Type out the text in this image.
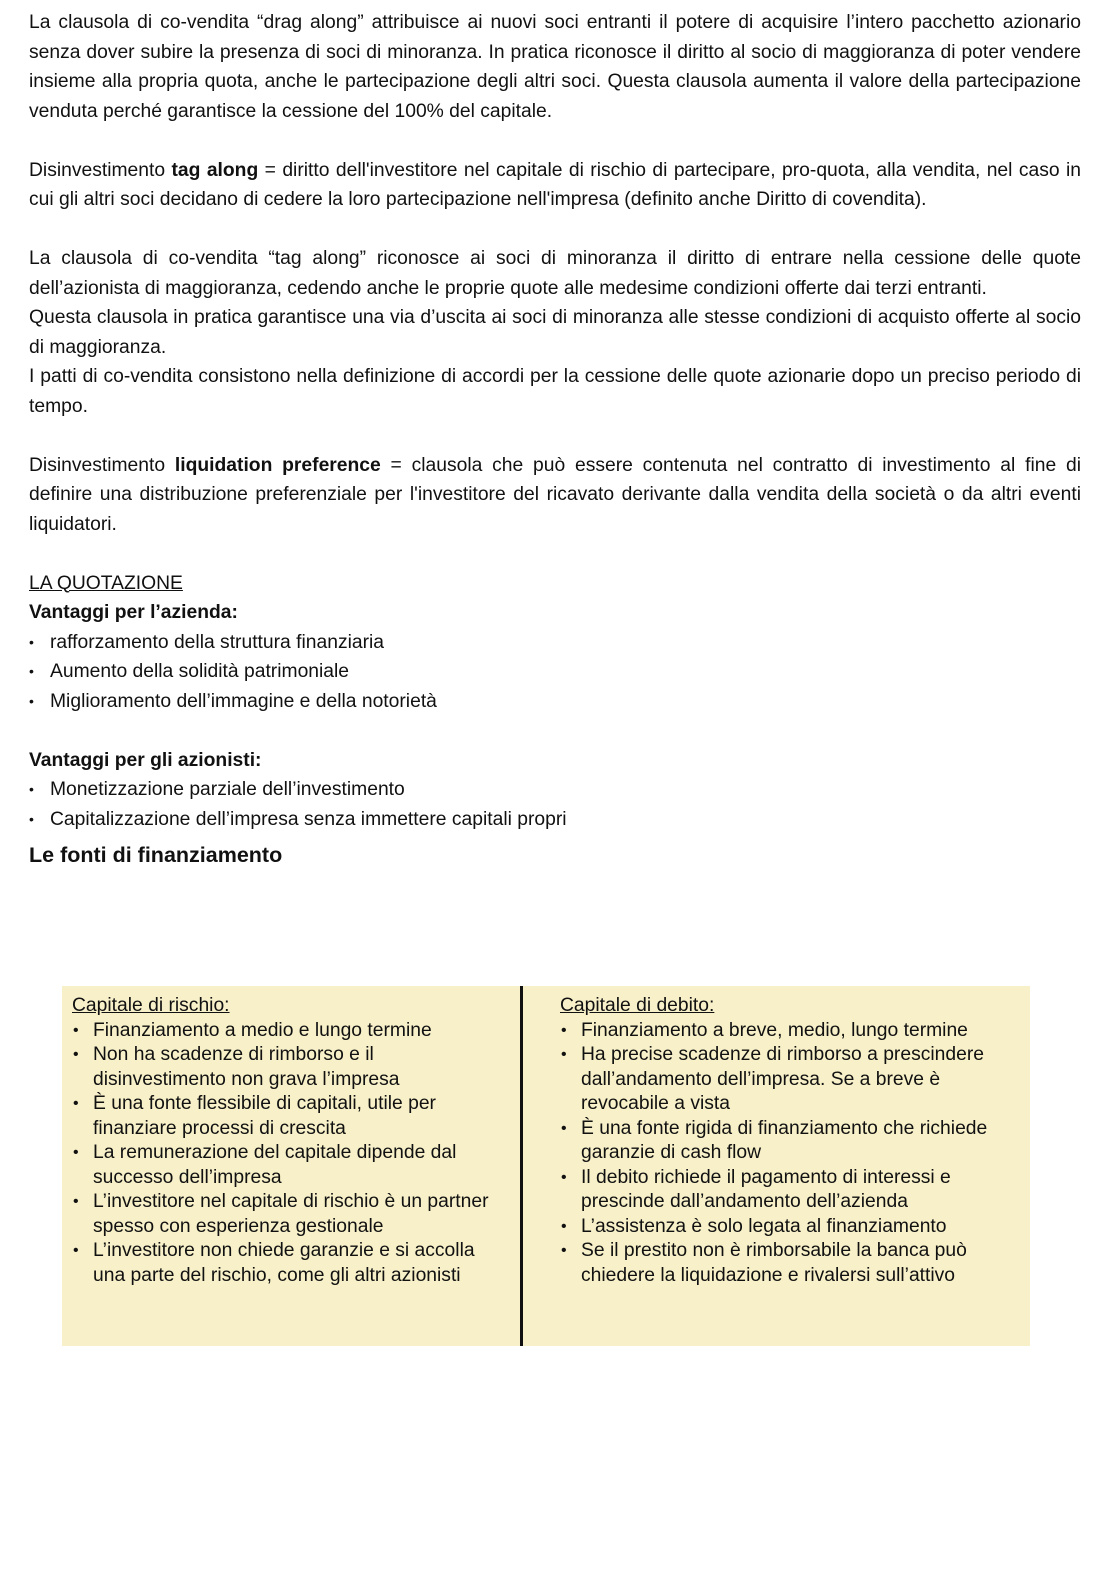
La clausola di co-vendita “drag along” attribuisce ai nuovi soci entranti il potere di acquisire l’intero pacchetto azionario senza dover subire la presenza di soci di minoranza. In pratica riconosce il diritto al socio di maggioranza di poter vendere insieme alla propria quota, anche le partecipazione degli altri soci. Questa clausola aumenta il valore della partecipazione venduta perché garantisce la cessione del 100% del capitale.

Disinvestimento tag along = diritto dell'investitore nel capitale di rischio di partecipare, pro-quota, alla vendita, nel caso in cui gli altri soci decidano di cedere la loro partecipazione nell'impresa (definito anche Diritto di covendita).

La clausola di co-vendita “tag along” riconosce ai soci di minoranza il diritto di entrare nella cessione delle quote dell’azionista di maggioranza, cedendo anche le proprie quote alle medesime condizioni offerte dai terzi entranti.

Questa clausola in pratica garantisce una via d’uscita ai soci di minoranza alle stesse condizioni di acquisto offerte al socio di maggioranza.

I patti di co-vendita consistono nella definizione di accordi per la cessione delle quote azionarie dopo un preciso periodo di tempo.

Disinvestimento liquidation preference = clausola che può essere contenuta nel contratto di investimento al fine di definire una distribuzione preferenziale per l'investitore del ricavato derivante dalla vendita della società o da altri eventi liquidatori.

LA QUOTAZIONE

Vantaggi per l’azienda:

• rafforzamento della struttura finanziaria
• Aumento della solidità patrimoniale
• Miglioramento dell’immagine e della notorietà

Vantaggi per gli azionisti:

• Monetizzazione parziale dell’investimento
• Capitalizzazione dell’impresa senza immettere capitali propri
Le fonti di finanziamento

Capitale di rischio:

• Finanziamento a medio e lungo termine
• Non ha scadenze di rimborso e il disinvestimento non grava l’impresa
• È una fonte flessibile di capitali, utile per finanziare processi di crescita
• La remunerazione del capitale dipende dal successo dell’impresa
• L’investitore nel capitale di rischio è un partner spesso con esperienza gestionale
• L’investitore non chiede garanzie e si accolla una parte del rischio, come gli altri azionisti

Capitale di debito:

• Finanziamento a breve, medio, lungo termine
• Ha precise scadenze di rimborso a prescindere dall’andamento dell’impresa. Se a breve è revocabile a vista
• È una fonte rigida di finanziamento che richiede garanzie di cash flow
• Il debito richiede il pagamento di interessi e prescinde dall’andamento dell’azienda
• L’assistenza è solo legata al finanziamento
• Se il prestito non è rimborsabile la banca può chiedere la liquidazione e rivalersi sull’attivo
